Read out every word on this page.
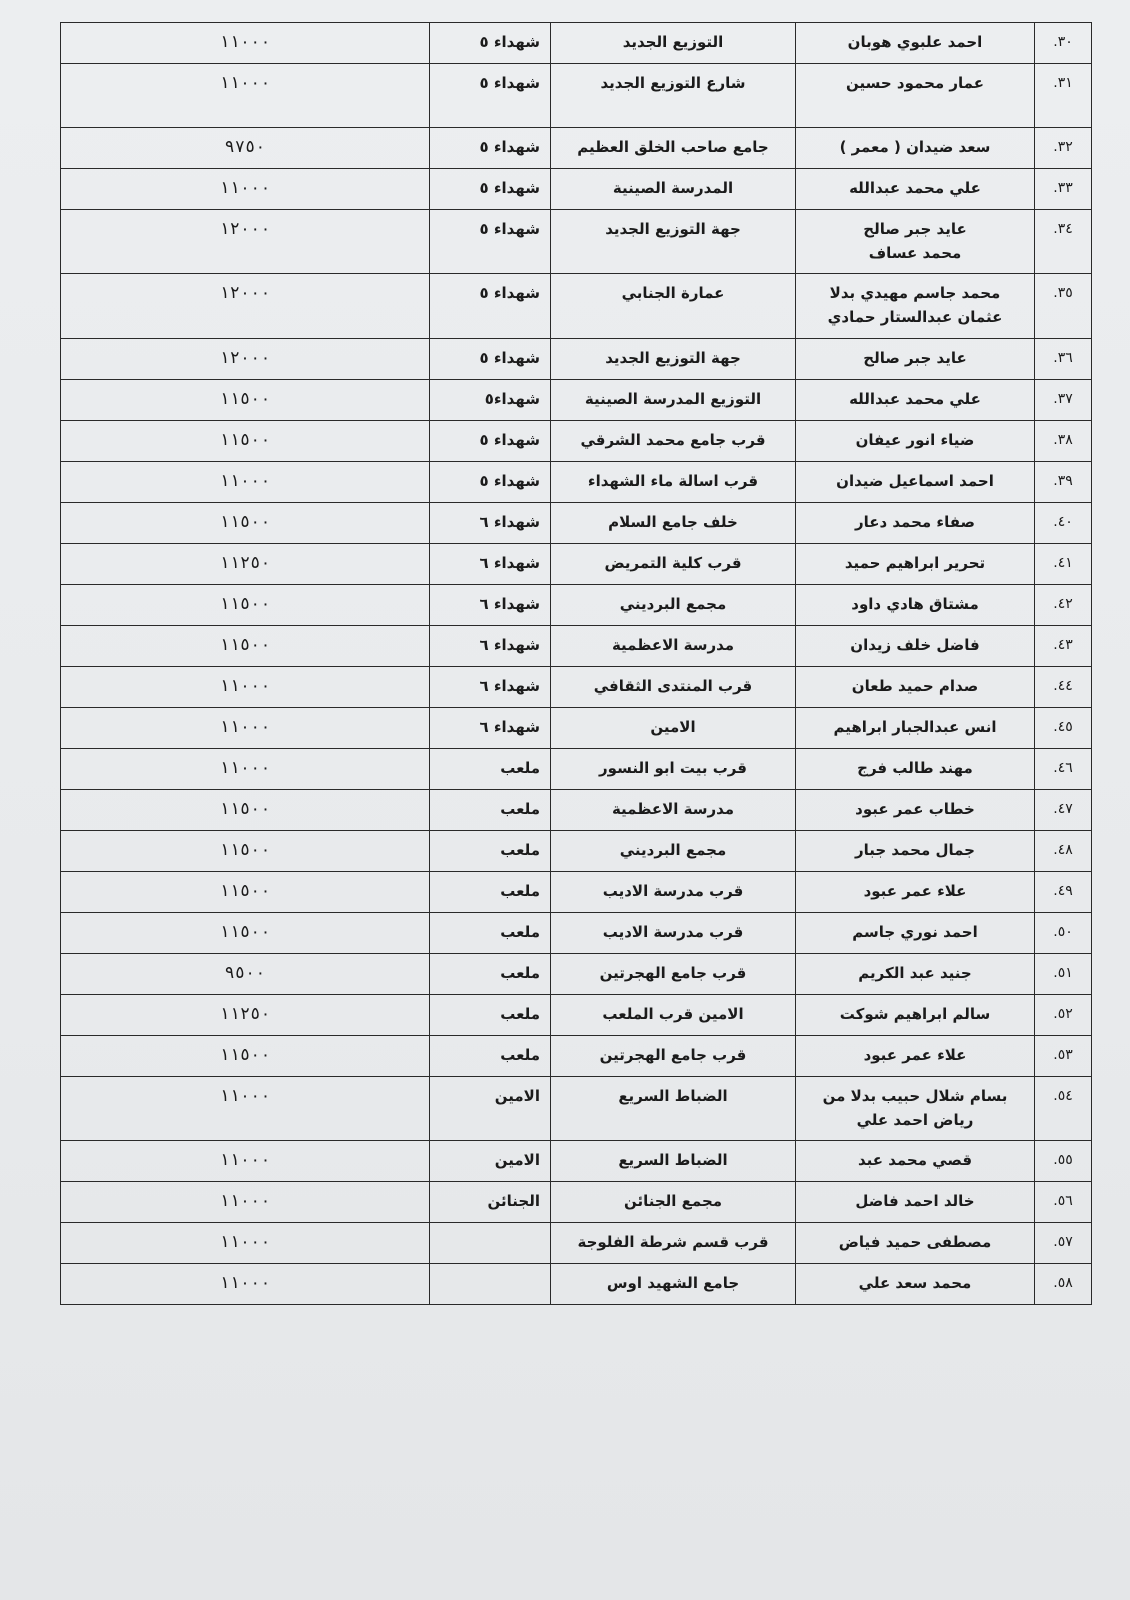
٣٠.	احمد علبوي هوبان	التوزيع الجديد	شهداء ٥	١١٠٠٠
٣١.	عمار محمود حسين	شارع التوزيع الجديد	شهداء ٥	١١٠٠٠
٣٢.	سعد ضيدان ( معمر )	جامع صاحب الخلق العظيم	شهداء ٥	٩٧٥٠
٣٣.	علي محمد عبدالله	المدرسة الصينية	شهداء ٥	١١٠٠٠
٣٤.	عايد جبر صالح
محمد عساف	جهة التوزيع الجديد	شهداء ٥	١٢٠٠٠
٣٥.	محمد جاسم مهيدي بدلا
عثمان عبدالستار حمادي	عمارة الجنابي	شهداء ٥	١٢٠٠٠
٣٦.	عايد جبر صالح	جهة التوزيع الجديد	شهداء ٥	١٢٠٠٠
٣٧.	علي محمد عبدالله	التوزيع المدرسة الصينية	شهداء٥	١١٥٠٠
٣٨.	ضياء انور عيفان	قرب جامع محمد الشرقي	شهداء ٥	١١٥٠٠
٣٩.	احمد اسماعيل ضيدان	قرب اسالة ماء الشهداء	شهداء ٥	١١٠٠٠
٤٠.	صفاء محمد دعار	خلف جامع السلام	شهداء ٦	١١٥٠٠
٤١.	تحرير ابراهيم حميد	قرب كلية التمريض	شهداء ٦	١١٢٥٠
٤٢.	مشتاق هادي داود	مجمع البرديني	شهداء ٦	١١٥٠٠
٤٣.	فاضل خلف زيدان	مدرسة الاعظمية	شهداء ٦	١١٥٠٠
٤٤.	صدام حميد طعان	قرب المنتدى الثقافي	شهداء ٦	١١٠٠٠
٤٥.	انس عبدالجبار ابراهيم	الامين	شهداء ٦	١١٠٠٠
٤٦.	مهند طالب فرج	قرب بيت ابو النسور	ملعب	١١٠٠٠
٤٧.	خطاب عمر عبود	مدرسة الاعظمية	ملعب	١١٥٠٠
٤٨.	جمال محمد جبار	مجمع البرديني	ملعب	١١٥٠٠
٤٩.	علاء عمر عبود	قرب مدرسة الاديب	ملعب	١١٥٠٠
٥٠.	احمد نوري جاسم	قرب مدرسة الاديب	ملعب	١١٥٠٠
٥١.	جنيد عبد الكريم	قرب جامع الهجرتين	ملعب	٩٥٠٠
٥٢.	سالم ابراهيم شوكت	الامين قرب الملعب	ملعب	١١٢٥٠
٥٣.	علاء عمر عبود	قرب جامع الهجرتين	ملعب	١١٥٠٠
٥٤.	بسام شلال حبيب بدلا من
رياض احمد علي	الضباط السريع	الامين	١١٠٠٠
٥٥.	قصي محمد عبد	الضباط السريع	الامين	١١٠٠٠
٥٦.	خالد احمد فاضل	مجمع الجنائن	الجنائن	١١٠٠٠
٥٧.	مصطفى حميد فياض	قرب قسم شرطة الفلوجة		١١٠٠٠
٥٨.	محمد سعد علي	جامع الشهيد اوس		١١٠٠٠
